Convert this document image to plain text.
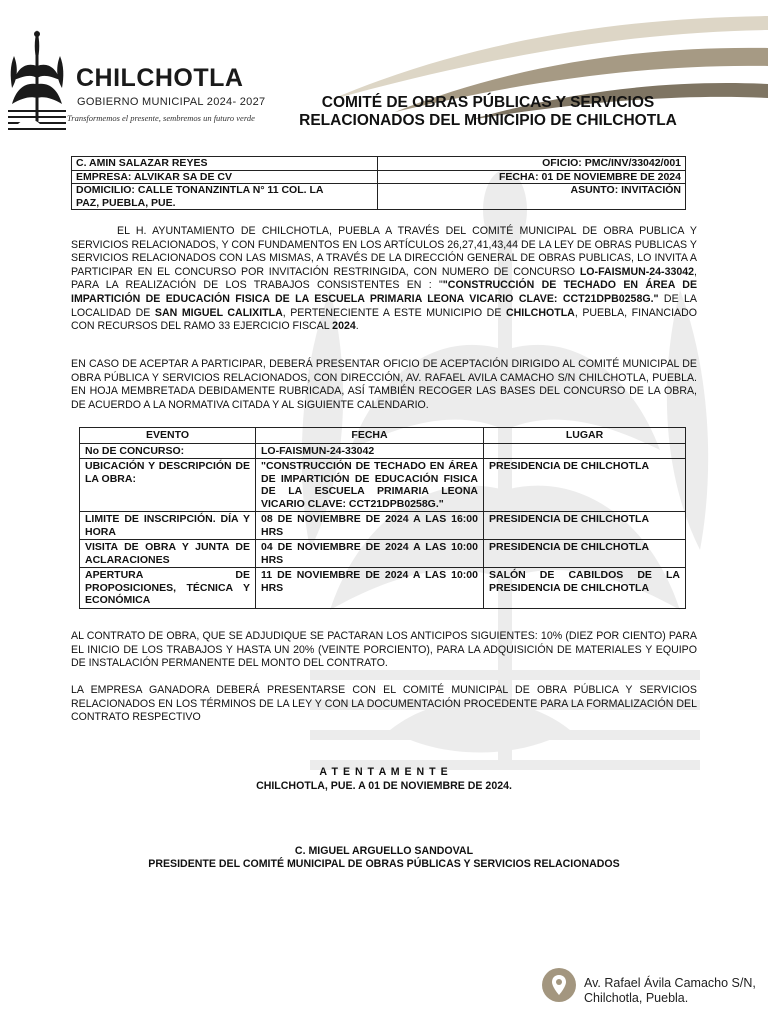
CHILCHOTLA
GOBIERNO MUNICIPAL 2024- 2027
Transformemos el presente, sembremos un futuro verde
COMITÉ DE OBRAS PÚBLICAS Y SERVICIOS
RELACIONADOS DEL MUNICIPIO DE CHILCHOTLA
C. AMIN SALAZAR REYES	OFICIO: PMC/INV/33042/001
EMPRESA: ALVIKAR SA DE CV	FECHA: 01 DE NOVIEMBRE DE 2024

DOMICILIO: CALLE TONANZINTLA N° 11 COL. LA
PAZ, PUEBLA, PUE.	ASUNTO: INVITACIÓN

EL H. AYUNTAMIENTO DE CHILCHOTLA, PUEBLA A TRAVÉS DEL COMITÉ MUNICIPAL DE OBRA PUBLICA Y SERVICIOS RELACIONADOS, Y CON FUNDAMENTOS EN LOS ARTÍCULOS 26,27,41,43,44 DE LA LEY DE OBRAS PUBLICAS Y SERVICIOS RELACIONADOS CON LAS MISMAS, A TRAVÉS DE LA DIRECCIÓN GENERAL DE OBRAS PUBLICAS, LO INVITA A PARTICIPAR EN EL CONCURSO POR INVITACIÓN RESTRINGIDA, CON NUMERO DE CONCURSO LO-FAISMUN-24-33042, PARA LA REALIZACIÓN DE LOS TRABAJOS CONSISTENTES EN : ""CONSTRUCCIÓN DE TECHADO EN ÁREA DE IMPARTICIÓN DE EDUCACIÓN FISICA DE LA ESCUELA PRIMARIA LEONA VICARIO CLAVE: CCT21DPB0258G." DE LA LOCALIDAD DE SAN MIGUEL CALIXITLA, PERTENECIENTE A ESTE MUNICIPIO DE CHILCHOTLA, PUEBLA, FINANCIADO CON RECURSOS DEL RAMO 33 EJERCICIO FISCAL 2024.

EN CASO DE ACEPTAR A PARTICIPAR, DEBERÁ PRESENTAR OFICIO DE ACEPTACIÓN DIRIGIDO AL COMITÉ MUNICIPAL DE OBRA PÚBLICA Y SERVICIOS RELACIONADOS, CON DIRECCIÓN, AV. RAFAEL AVILA CAMACHO S/N CHILCHOTLA, PUEBLA. EN HOJA MEMBRETADA DEBIDAMENTE RUBRICADA, ASÍ TAMBIÉN RECOGER LAS BASES DEL CONCURSO DE LA OBRA, DE ACUERDO A LA NORMATIVA CITADA Y AL SIGUIENTE CALENDARIO.

EVENTO	FECHA	LUGAR
No DE CONCURSO:	LO-FAISMUN-24-33042	
UBICACIÓN Y DESCRIPCIÓN DE LA OBRA:	"CONSTRUCCIÓN DE TECHADO EN ÁREA DE IMPARTICIÓN DE EDUCACIÓN FISICA DE LA ESCUELA PRIMARIA LEONA VICARIO CLAVE: CCT21DPB0258G."	PRESIDENCIA DE CHILCHOTLA
LIMITE DE INSCRIPCIÓN. DÍA Y HORA	08 DE NOVIEMBRE DE 2024 A LAS 16:00 HRS	PRESIDENCIA DE CHILCHOTLA
VISITA DE OBRA Y JUNTA DE ACLARACIONES	04 DE NOVIEMBRE DE 2024 A LAS 10:00 HRS	PRESIDENCIA DE CHILCHOTLA
APERTURA DE PROPOSICIONES, TÉCNICA Y ECONÓMICA	11 DE NOVIEMBRE DE 2024 A LAS 10:00 HRS	SALÓN DE CABILDOS DE LA PRESIDENCIA DE CHILCHOTLA

AL CONTRATO DE OBRA, QUE SE ADJUDIQUE SE PACTARAN LOS ANTICIPOS SIGUIENTES: 10% (DIEZ POR CIENTO) PARA EL INICIO DE LOS TRABAJOS Y HASTA UN 20% (VEINTE PORCIENTO), PARA LA ADQUISICIÓN DE MATERIALES Y EQUIPO DE INSTALACIÓN PERMANENTE DEL MONTO DEL CONTRATO.

LA EMPRESA GANADORA DEBERÁ PRESENTARSE CON EL COMITÉ MUNICIPAL DE OBRA PÚBLICA Y SERVICIOS RELACIONADOS EN LOS TÉRMINOS DE LA LEY Y CON LA DOCUMENTACIÓN PROCEDENTE PARA LA FORMALIZACIÓN DEL CONTRATO RESPECTIVO

A T E N T A M E N T E
CHILCHOTLA, PUE. A 01 DE NOVIEMBRE DE 2024.
C. MIGUEL ARGUELLO SANDOVAL
PRESIDENTE DEL COMITÉ MUNICIPAL DE OBRAS PÚBLICAS Y SERVICIOS RELACIONADOS
Av. Rafael Ávila Camacho S/N,
Chilchotla, Puebla.
